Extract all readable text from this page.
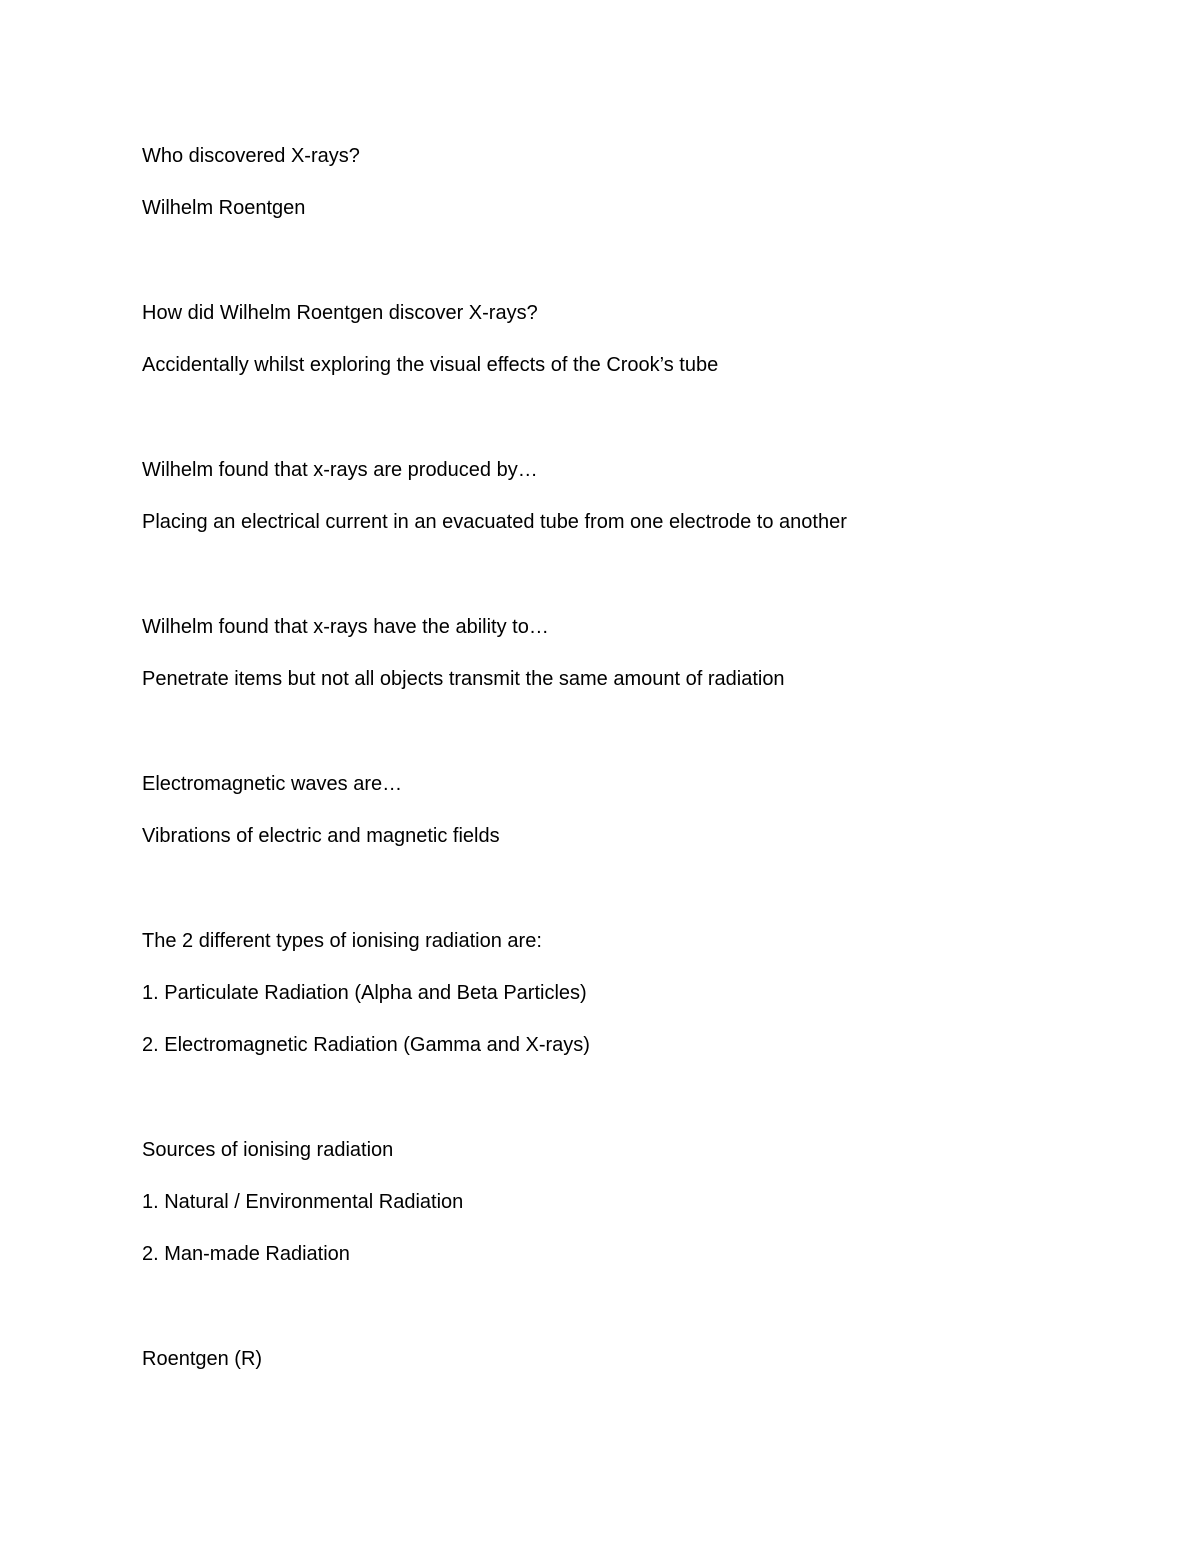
Who discovered X-rays?
Wilhelm Roentgen
How did Wilhelm Roentgen discover X-rays?
Accidentally whilst exploring the visual effects of the Crook’s tube
Wilhelm found that x-rays are produced by…
Placing an electrical current in an evacuated tube from one electrode to another
Wilhelm found that x-rays have the ability to…
Penetrate items but not all objects transmit the same amount of radiation
Electromagnetic waves are…
Vibrations of electric and magnetic fields
The 2 different types of ionising radiation are:
1. Particulate Radiation (Alpha and Beta Particles)
2. Electromagnetic Radiation (Gamma and X-rays)
Sources of ionising radiation
1. Natural / Environmental Radiation
2. Man-made Radiation
Roentgen (R)
